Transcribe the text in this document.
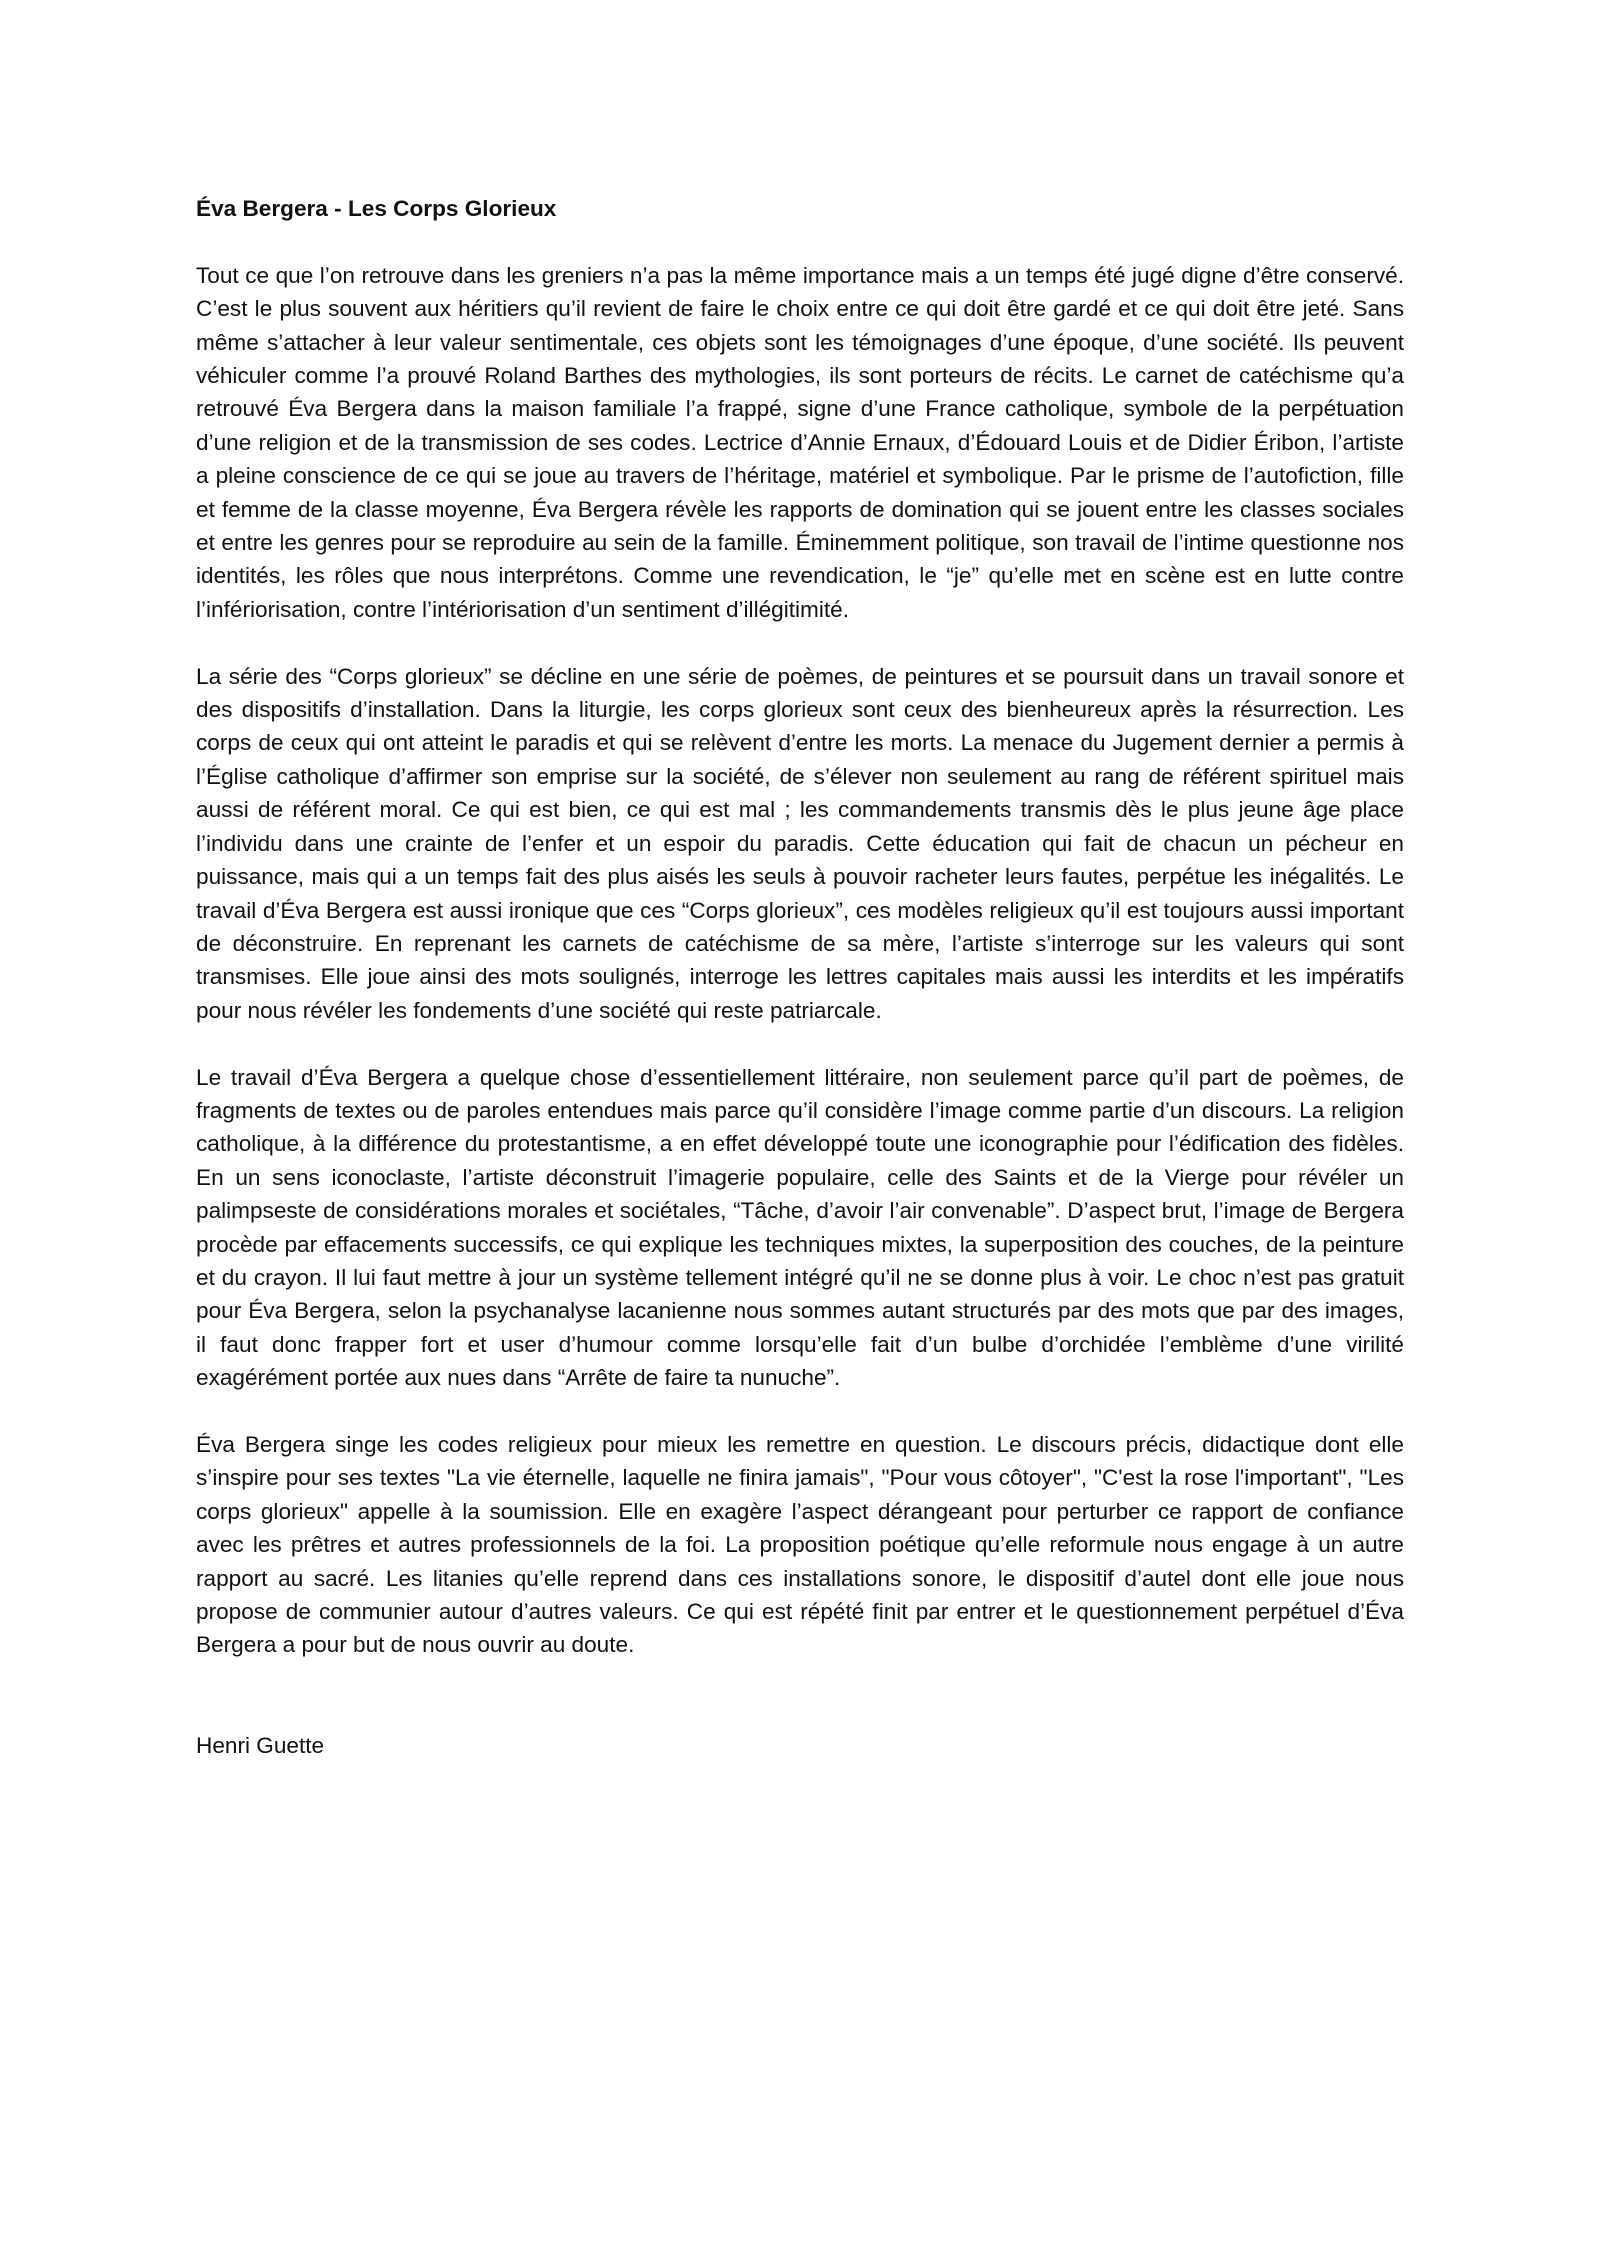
Éva Bergera - Les Corps Glorieux

Tout ce que l’on retrouve dans les greniers n’a pas la même importance mais a un temps été jugé digne d’être conservé. C’est le plus souvent aux héritiers qu’il revient de faire le choix entre ce qui doit être gardé et ce qui doit être jeté. Sans même s’attacher à leur valeur sentimentale, ces objets sont les témoignages d’une époque, d’une société. Ils peuvent véhiculer comme l’a prouvé Roland Barthes des mythologies, ils sont porteurs de récits. Le carnet de catéchisme qu’a retrouvé Éva Bergera dans la maison familiale l’a frappé, signe d’une France catholique, symbole de la perpétuation d’une religion et de la transmission de ses codes. Lectrice d’Annie Ernaux, d’Édouard Louis et de Didier Éribon, l’artiste a pleine conscience de ce qui se joue au travers de l’héritage, matériel et symbolique. Par le prisme de l’autofiction, fille et femme de la classe moyenne, Éva Bergera révèle les rapports de domination qui se jouent entre les classes sociales et entre les genres pour se reproduire au sein de la famille. Éminemment politique, son travail de l’intime questionne nos identités, les rôles que nous interprétons. Comme une revendication, le “je” qu’elle met en scène est en lutte contre l’infériorisation, contre l’intériorisation d’un sentiment d’illégitimité.

La série des “Corps glorieux” se décline en une série de poèmes, de peintures et se poursuit dans un travail sonore et des dispositifs d’installation. Dans la liturgie, les corps glorieux sont ceux des bienheureux après la résurrection. Les corps de ceux qui ont atteint le paradis et qui se relèvent d’entre les morts. La menace du Jugement dernier a permis à l’Église catholique d’affirmer son emprise sur la société, de s’élever non seulement au rang de référent spirituel mais aussi de référent moral. Ce qui est bien, ce qui est mal ; les commandements transmis dès le plus jeune âge place l’individu dans une crainte de l’enfer et un espoir du paradis. Cette éducation qui fait de chacun un pécheur en puissance, mais qui a un temps fait des plus aisés les seuls à pouvoir racheter leurs fautes, perpétue les inégalités. Le travail d’Éva Bergera est aussi ironique que ces “Corps glorieux”, ces modèles religieux qu’il est toujours aussi important de déconstruire. En reprenant les carnets de catéchisme de sa mère, l’artiste s’interroge sur les valeurs qui sont transmises. Elle joue ainsi des mots soulignés, interroge les lettres capitales mais aussi les interdits et les impératifs pour nous révéler les fondements d’une société qui reste patriarcale.

Le travail d’Éva Bergera a quelque chose d’essentiellement littéraire, non seulement parce qu’il part de poèmes, de fragments de textes ou de paroles entendues mais parce qu’il considère l’image comme partie d’un discours. La religion catholique, à la différence du protestantisme, a en effet développé toute une iconographie pour l’édification des fidèles. En un sens iconoclaste, l’artiste déconstruit l’imagerie populaire, celle des Saints et de la Vierge pour révéler un palimpseste de considérations morales et sociétales, “Tâche, d’avoir l’air convenable”. D’aspect brut, l’image de Bergera procède par effacements successifs, ce qui explique les techniques mixtes, la superposition des couches, de la peinture et du crayon. Il lui faut mettre à jour un système tellement intégré qu’il ne se donne plus à voir. Le choc n’est pas gratuit pour Éva Bergera, selon la psychanalyse lacanienne nous sommes autant structurés par des mots que par des images, il faut donc frapper fort et user d’humour comme lorsqu’elle fait d’un bulbe d’orchidée l’emblème d’une virilité exagérément portée aux nues dans “Arrête de faire ta nunuche”.

Éva Bergera singe les codes religieux pour mieux les remettre en question. Le discours précis, didactique dont elle s’inspire pour ses textes "La vie éternelle, laquelle ne finira jamais", "Pour vous côtoyer", "C'est la rose l'important", "Les corps glorieux" appelle à la soumission. Elle en exagère l’aspect dérangeant pour perturber ce rapport de confiance avec les prêtres et autres professionnels de la foi. La proposition poétique qu’elle reformule nous engage à un autre rapport au sacré. Les litanies qu’elle reprend dans ces installations sonore, le dispositif d’autel dont elle joue nous propose de communier autour d’autres valeurs. Ce qui est répété finit par entrer et le questionnement perpétuel d’Éva Bergera a pour but de nous ouvrir au doute.

Henri Guette
